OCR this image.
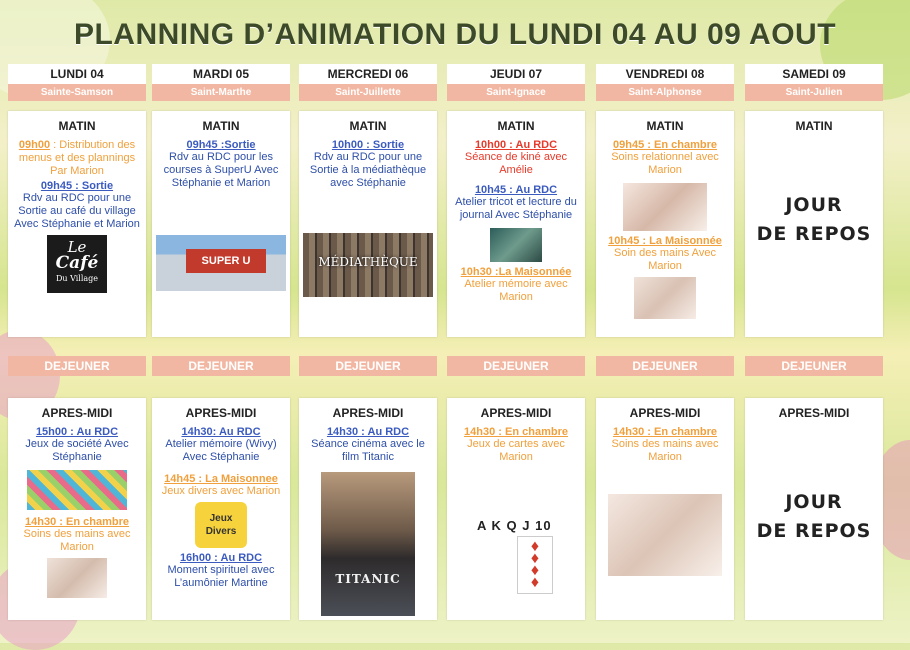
PLANNING D’ANIMATION DU LUNDI 04 AU 09 AOUT
LUNDI 04
Sainte-Samson
MARDI 05
Saint-Marthe
MERCREDI 06
Saint-Juillette
JEUDI 07
Saint-Ignace
VENDREDI 08
Saint-Alphonse
SAMEDI 09
Saint-Julien
MATIN
09h00 : Distribution des menus et des plannings Par Marion
09h45 : Sortie
Rdv au RDC pour une Sortie au café du village Avec Stéphanie et Marion
Le
Café
Du Village
MATIN
09h45 :Sortie
Rdv au RDC pour les courses à SuperU Avec Stéphanie et Marion
SUPER U
MATIN
10h00 : Sortie
Rdv au RDC pour une Sortie à la médiathèque avec Stéphanie
MÉDIATHÈQUE
MATIN
10h00 : Au RDC
Séance de kiné avec Amélie
10h45 : Au RDC
Atelier tricot et lecture du journal Avec Stéphanie
10h30 :La Maisonnée
Atelier mémoire avec Marion
MATIN
09h45 : En chambre
Soins relationnel avec Marion
10h45 : La Maisonnée
Soin des mains Avec Marion
MATIN
JOUR
DE REPOS
DEJEUNER	DEJEUNER	DEJEUNER	DEJEUNER	DEJEUNER	DEJEUNER
APRES-MIDI
15h00 : Au RDC
Jeux de société Avec Stéphanie
14h30 : En chambre
Soins des mains avec Marion
APRES-MIDI
14h30: Au RDC
Atelier mémoire (Wivy) Avec Stéphanie
14h45 : La Maisonnee
Jeux divers avec Marion
Jeux
Divers
16h00 : Au RDC
Moment spirituel avec L’aumônier Martine
APRES-MIDI
14h30 : Au RDC
Séance cinéma avec le film Titanic
TITANIC
APRES-MIDI
14h30 : En chambre
Jeux de cartes avec Marion
A K Q J 10
♦
♦
♦
♦
APRES-MIDI
14h30 : En chambre
Soins des mains avec Marion
APRES-MIDI
JOUR
DE REPOS
